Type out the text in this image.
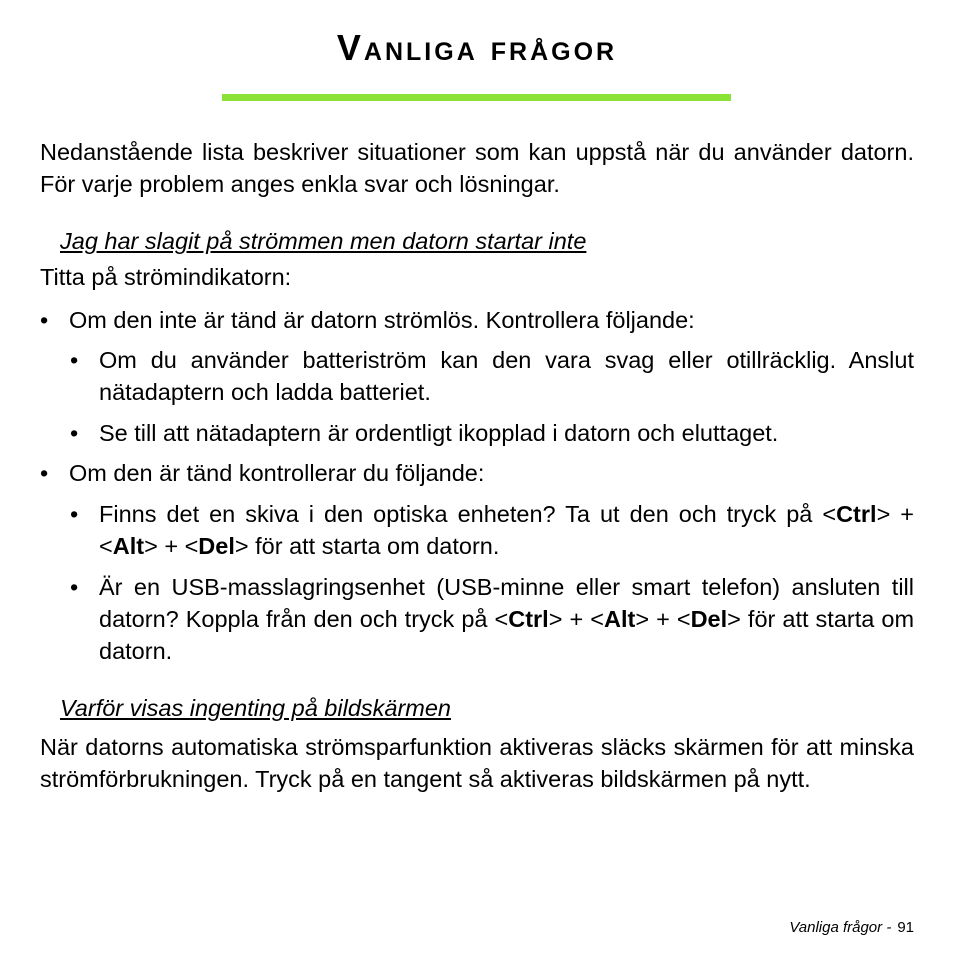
Vanliga frågor

Nedanstående lista beskriver situationer som kan uppstå när du använder datorn. För varje problem anges enkla svar och lösningar.

Jag har slagit på strömmen men datorn startar inte

Titta på strömindikatorn:

• Om den inte är tänd är datorn strömlös. Kontrollera följande:

• Om du använder batteriström kan den vara svag eller otillräcklig. Anslut nätadaptern och ladda batteriet.

• Se till att nätadaptern är ordentligt ikopplad i datorn och eluttaget.

• Om den är tänd kontrollerar du följande:

• Finns det en skiva i den optiska enheten? Ta ut den och tryck på <Ctrl> + <Alt> + <Del> för att starta om datorn.

• Är en USB-masslagringsenhet (USB-minne eller smart telefon) ansluten till datorn? Koppla från den och tryck på <Ctrl> + <Alt> + <Del> för att starta om datorn.

Varför visas ingenting på bildskärmen

När datorns automatiska strömsparfunktion aktiveras släcks skärmen för att minska strömförbrukningen. Tryck på en tangent så aktiveras bildskärmen på nytt.

Vanliga frågor - 91
